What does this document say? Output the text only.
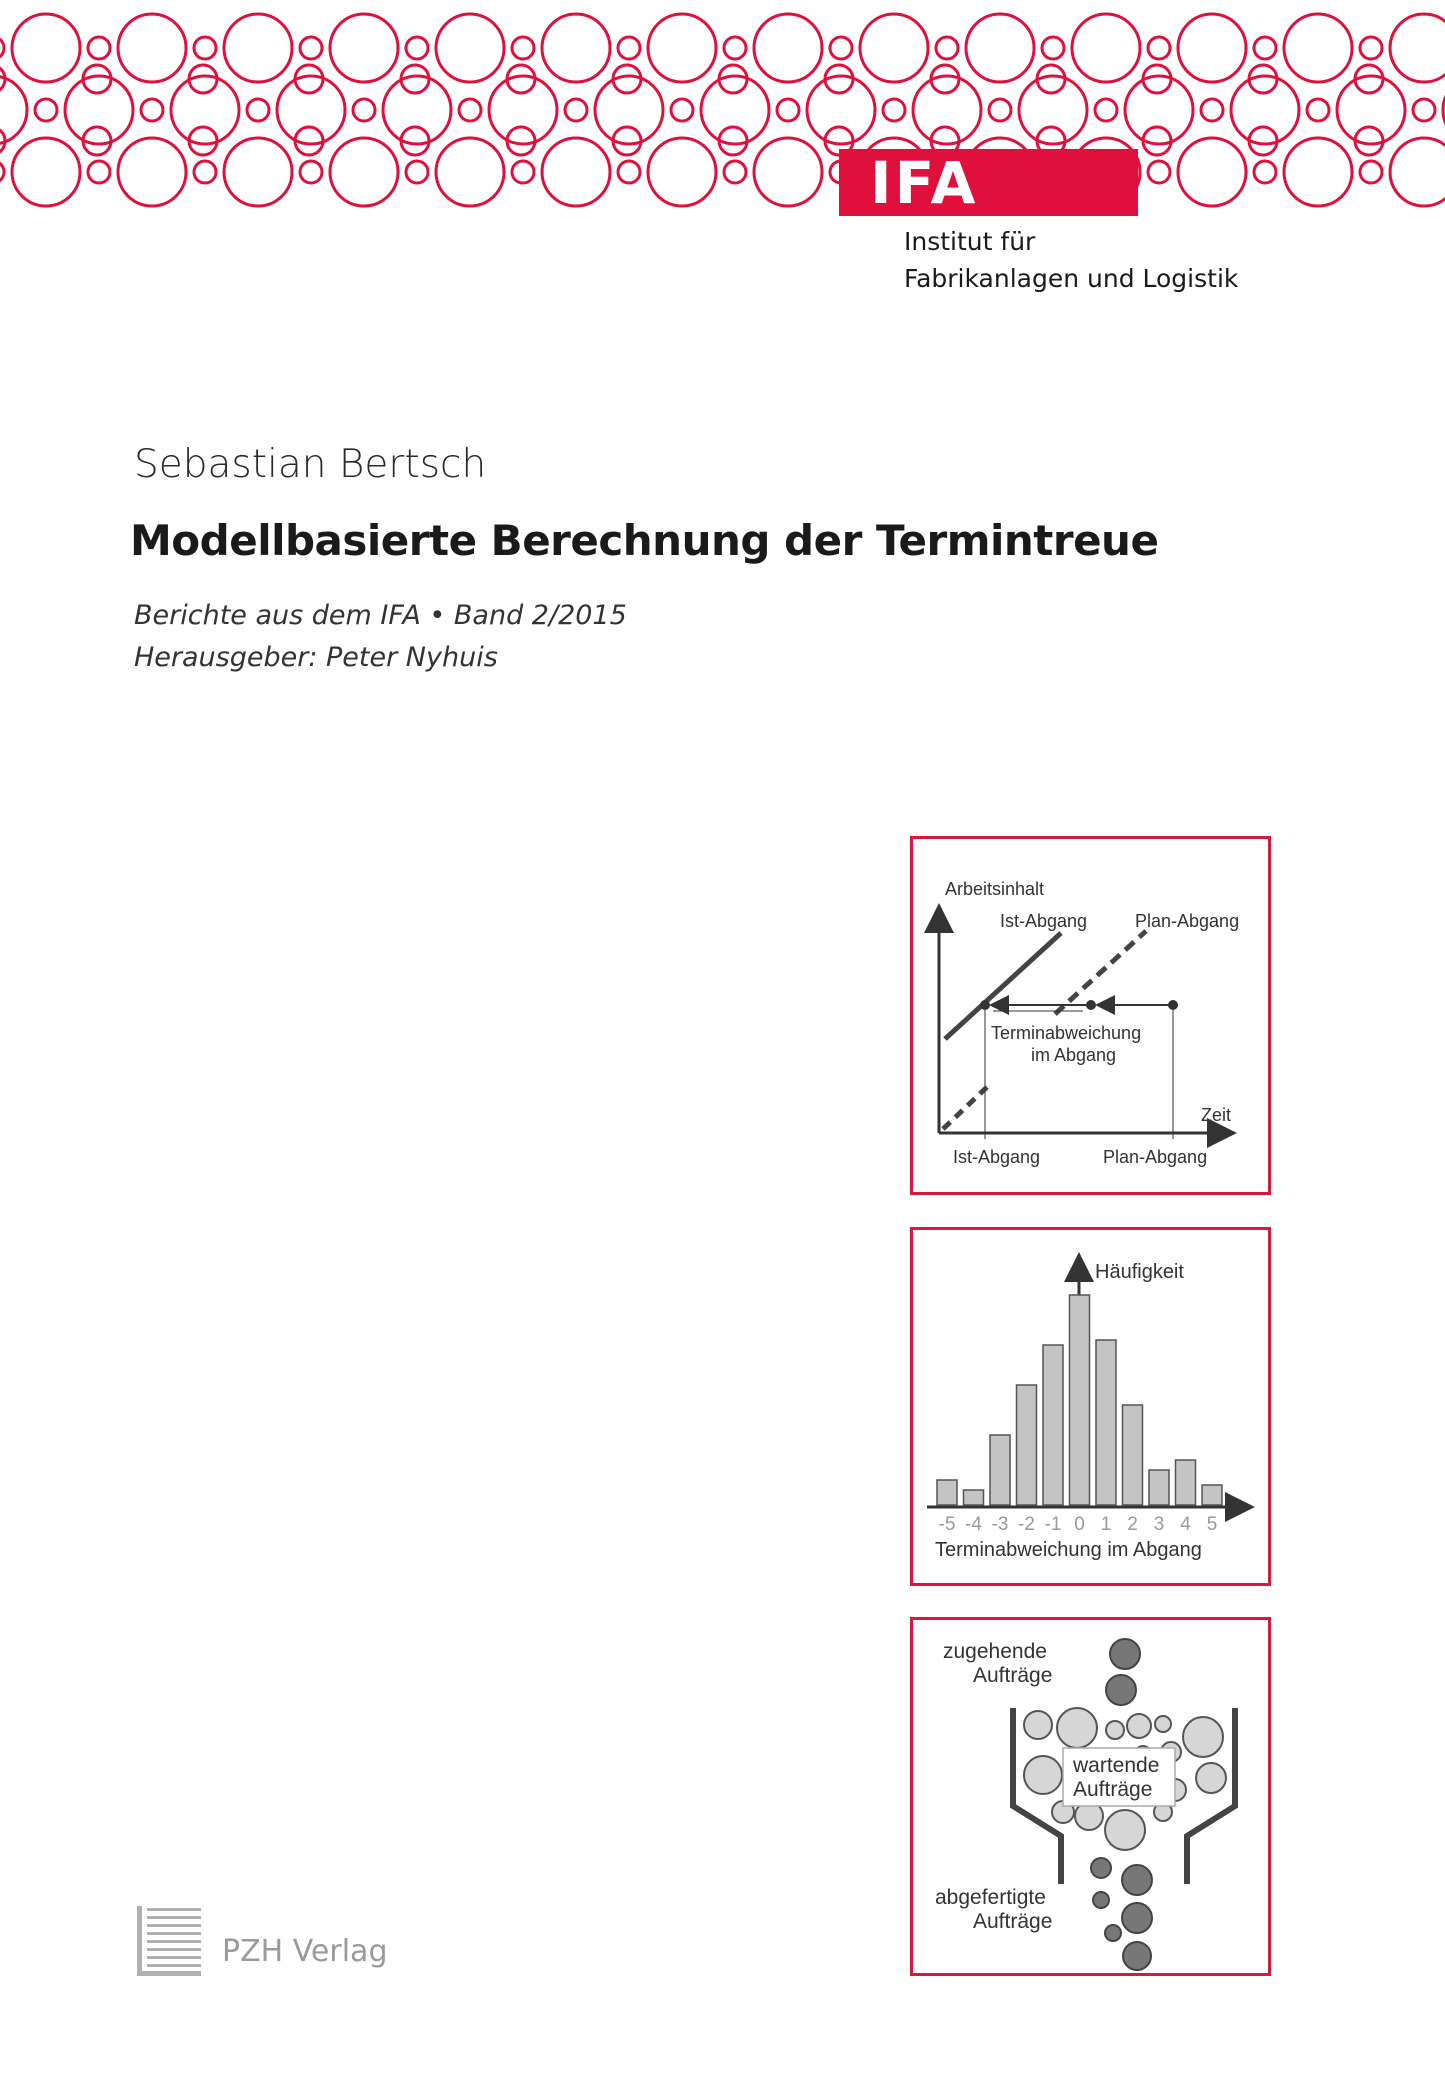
IFA
Institut für
Fabrikanlagen und Logistik
Sebastian Bertsch
Modellbasierte Berechnung der Termintreue
Berichte aus dem IFA • Band 2/2015
Herausgeber: Peter Nyhuis
Arbeitsinhalt
Zeit
Ist-Abgang	Plan-Abgang
Terminabweichung
im Abgang
Ist-Abgang	Plan-Abgang
Häufigkeit
-5 -4 -3 -2 -1 0 1 2 3 4 5
Terminabweichung im Abgang
zugehende
Aufträge
wartende
Aufträge
abgefertigte
Aufträge
PZH Verlag
